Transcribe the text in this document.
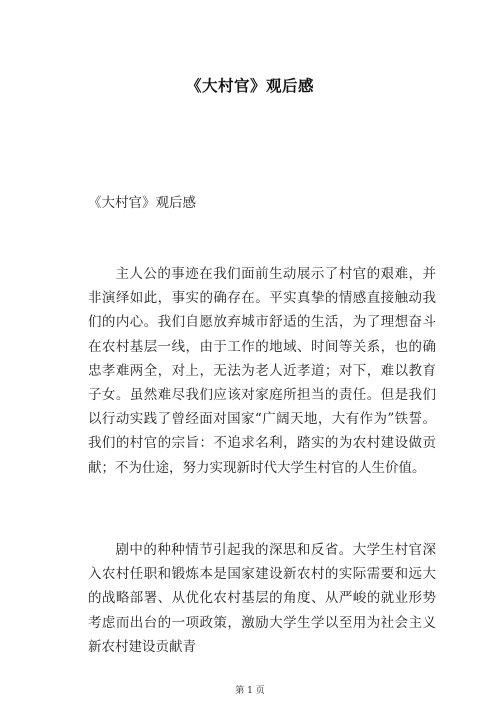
《大村官》观后感
《大村官》观后感

主人公的事迹在我们面前生动展示了村官的艰难，并非演绎如此，事实的确存在。平实真挚的情感直接触动我们的内心。我们自愿放弃城市舒适的生活，为了理想奋斗在农村基层一线，由于工作的地域、时间等关系，也的确忠孝难两全，对上，无法为老人近孝道；对下，难以教育子女。虽然难尽我们应该对家庭所担当的责任。但是我们以行动实践了曾经面对国家“广阔天地，大有作为”铁誓。我们的村官的宗旨：不追求名利，踏实的为农村建设做贡献；不为仕途，努力实现新时代大学生村官的人生价值。

剧中的种种情节引起我的深思和反省。大学生村官深入农村任职和锻炼本是国家建设新农村的实际需要和远大的战略部署、从优化农村基层的角度、从严峻的就业形势考虑而出台的一项政策，激励大学生学以至用为社会主义新农村建设贡献青

第 1 页
